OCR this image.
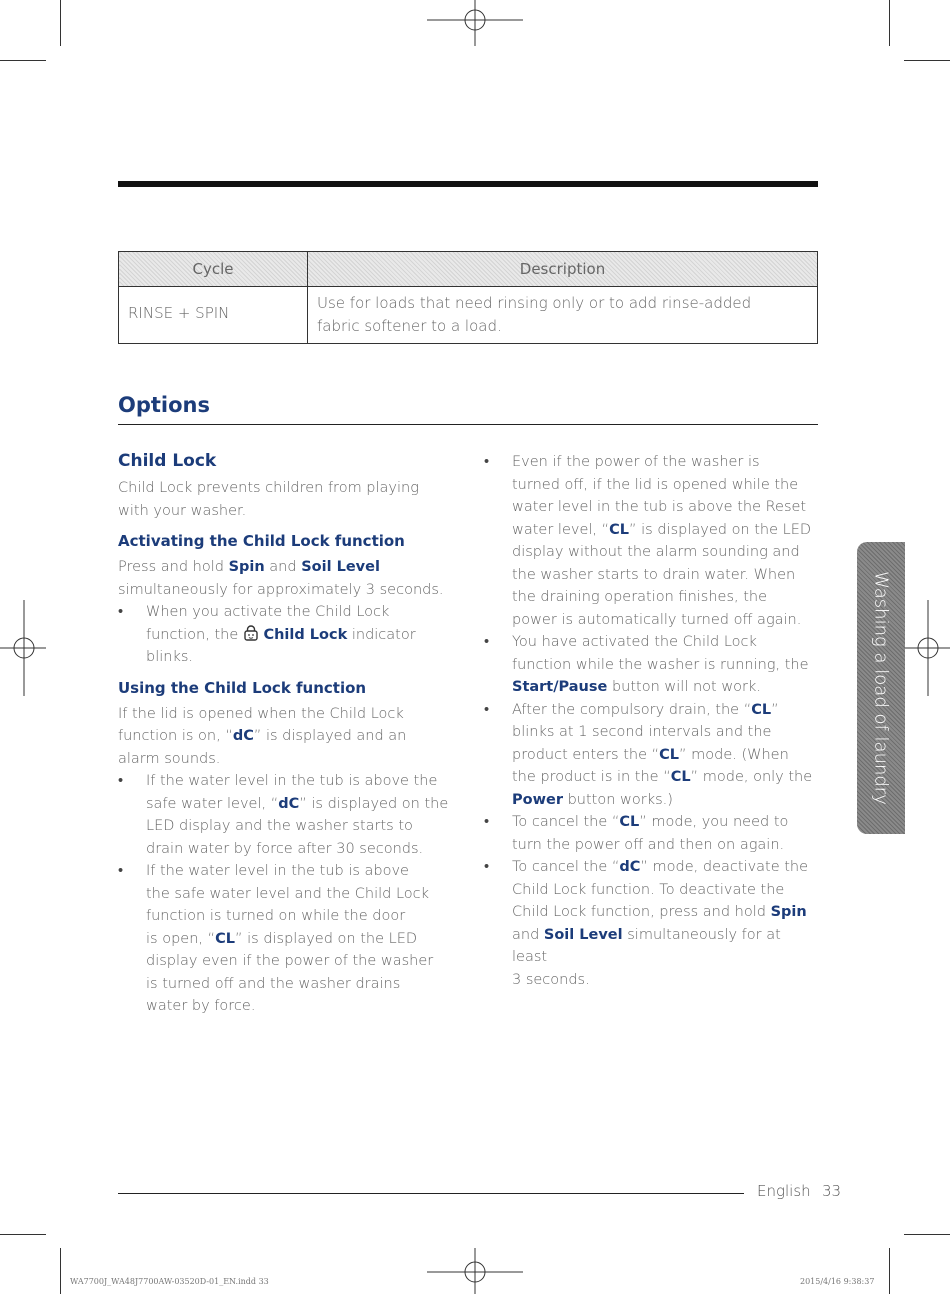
Cycle	Description
RINSE + SPIN	Use for loads that need rinsing only or to add rinse-added
fabric softener to a load.
Options
Child Lock

Child Lock prevents children from playing
with your washer.

Activating the Child Lock function

Press and hold Spin and Soil Level
simultaneously for approximately 3 seconds.

• When you activate the Child Lock
function, the  Child Lock indicator
blinks.
Using the Child Lock function

If the lid is opened when the Child Lock
function is on, “dC” is displayed and an
alarm sounds.

• If the water level in the tub is above the
safe water level, “dC” is displayed on the
LED display and the washer starts to
drain water by force after 30 seconds.
• If the water level in the tub is above
the safe water level and the Child Lock
function is turned on while the door
is open, “CL” is displayed on the LED
display even if the power of the washer
is turned off and the washer drains
water by force.
• Even if the power of the washer is
turned off, if the lid is opened while the
water level in the tub is above the Reset
water level, “CL” is displayed on the LED
display without the alarm sounding and
the washer starts to drain water. When
the draining operation finishes, the
power is automatically turned off again.
• You have activated the Child Lock
function while the washer is running, the
Start/Pause button will not work.
• After the compulsory drain, the “CL”
blinks at 1 second intervals and the
product enters the “CL” mode. (When
the product is in the “CL” mode, only the
Power button works.)
• To cancel the “CL” mode, you need to
turn the power off and then on again.
• To cancel the “dC” mode, deactivate the
Child Lock function. To deactivate the
Child Lock function, press and hold Spin
and Soil Level simultaneously for at least
3 seconds.
Washing a load of laundry
English 33
WA7700J_WA48J7700AW-03520D-01_EN.indd 33	2015/4/16 9:38:37
